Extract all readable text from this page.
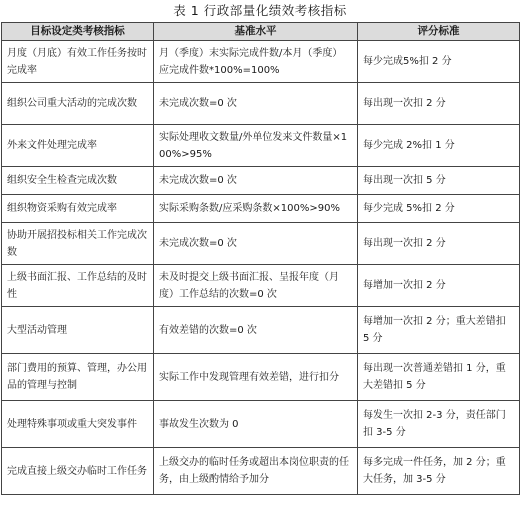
表 1 行政部量化绩效考核指标
目标设定类考核指标	基准水平	评分标准
月度（月底）有效工作任务按时完成率	月（季度）末实际完成件数/本月（季度）应完成件数*100%=100%	每少完成5%扣 2 分
组织公司重大活动的完成次数	未完成次数=0 次	每出现一次扣 2 分
外来文件处理完成率	实际处理收文数量/外单位发来文件数量×100%>95%	每少完成 2%扣 1 分
组织安全生检查完成次数	未完成次数=0 次	每出现一次扣 5 分
组织物资采购有效完成率	实际采购条数/应采购条数×100%>90%	每少完成 5%扣 2 分
协助开展招投标相关工作完成次数	未完成次数=0 次	每出现一次扣 2 分
上级书面汇报、工作总结的及时性	未及时提交上级书面汇报、呈报年度（月度）工作总结的次数=0 次	每增加一次扣 2 分
大型活动管理	有效差错的次数=0 次	每增加一次扣 2 分；重大差错扣 5 分
部门费用的预算、管理，办公用品的管理与控制	实际工作中发现管理有效差错，进行扣分	每出现一次普通差错扣 1 分，重大差错扣 5 分
处理特殊事项或重大突发事件	事故发生次数为 0	每发生一次扣 2-3 分，责任部门扣 3-5 分
完成直接上级交办临时工作任务	上级交办的临时任务或超出本岗位职责的任务，由上级酌情给予加分	每多完成一件任务，加 2 分；重大任务，加 3-5 分
